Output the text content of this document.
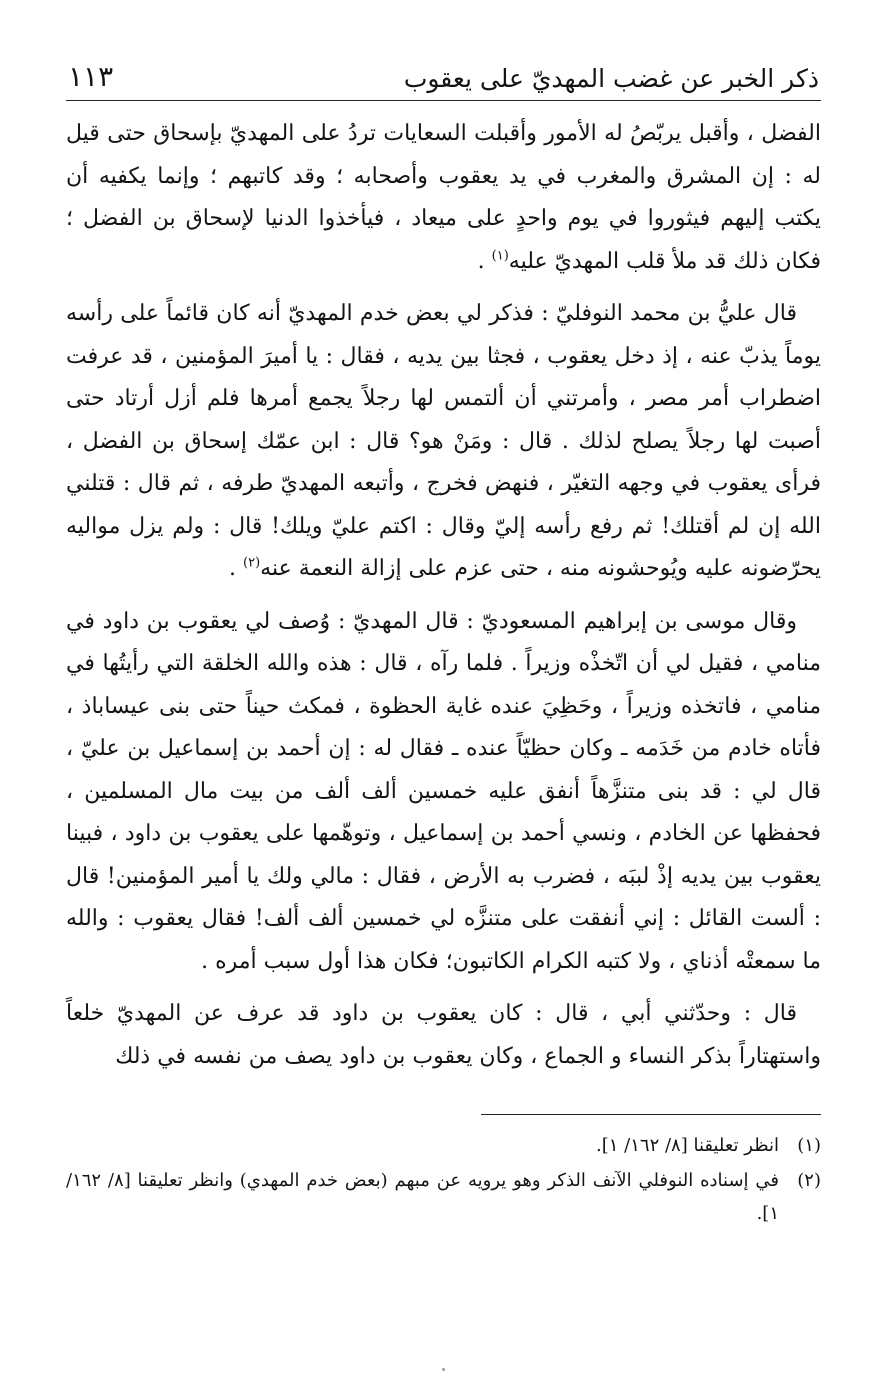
ذكر الخبر عن غضب المهديّ على يعقوب
١١٣

الفضل ، وأقبل يربّصُ له الأمور وأقبلت السعايات تردُ على المهديّ بإسحاق حتى قيل له : إن المشرق والمغرب في يد يعقوب وأصحابه ؛ وقد كاتبهم ؛ وإنما يكفيه أن يكتب إليهم فيثوروا في يوم واحدٍ على ميعاد ، فيأخذوا الدنيا لإسحاق بن الفضل ؛ فكان ذلك قد ملأ قلب المهديّ عليه$^{(١)}$ .

قال عليُّ بن محمد النوفليّ : فذكر لي بعض خدم المهديّ أنه كان قائماً على رأسه يوماً يذبّ عنه ، إذ دخل يعقوب ، فجثا بين يديه ، فقال : يا أميرَ المؤمنين ، قد عرفت اضطراب أمر مصر ، وأمرتني أن ألتمس لها رجلاً يجمع أمرها فلم أزل أرتاد حتى أصبت لها رجلاً يصلح لذلك . قال : ومَنْ هو؟ قال : ابن عمّك إسحاق بن الفضل ، فرأى يعقوب في وجهه التغيّر ، فنهض فخرج ، وأتبعه المهديّ طرفه ، ثم قال : قتلني الله إن لم أقتلك! ثم رفع رأسه إليّ وقال : اكتم عليّ ويلك! قال : ولم يزل مواليه يحرّضونه عليه ويُوحشونه منه ، حتى عزم على إزالة النعمة عنه$^{(٢)}$ .

وقال موسى بن إبراهيم المسعوديّ : قال المهديّ : وُصف لي يعقوب بن داود في منامي ، فقيل لي أن اتّخذْه وزيراً . فلما رآه ، قال : هذه والله الخلقة التي رأيتُها في منامي ، فاتخذه وزيراً ، وحَظِيَ عنده غاية الحظوة ، فمكث حيناً حتى بنى عيساباذ ، فأتاه خادم من خَدَمه ـ وكان حظيّاً عنده ـ فقال له : إن أحمد بن إسماعيل بن عليّ ، قال لي : قد بنى متنزَّهاً أنفق عليه خمسين ألف ألف من بيت مال المسلمين ، فحفظها عن الخادم ، ونسي أحمد بن إسماعيل ، وتوهّمها على يعقوب بن داود ، فبينا يعقوب بين يديه إذْ لببَه ، فضرب به الأرض ، فقال : مالي ولك يا أمير المؤمنين! قال : ألست القائل : إني أنفقت على متنزَّه لي خمسين ألف ألف! فقال يعقوب : والله ما سمعتْه أذناي ، ولا كتبه الكرام الكاتبون؛ فكان هذا أول سبب أمره .

قال : وحدّثني أبي ، قال : كان يعقوب بن داود قد عرف عن المهديّ خلعاً واستهتاراً بذكر النساء و الجماع ، وكان يعقوب بن داود يصف من نفسه في ذلك

(١)
انظر تعليقنا [٨/ ١٦٢/ ١].
(٢)
في إسناده النوفلي الآنف الذكر وهو يرويه عن مبهم (بعض خدم المهدي) وانظر تعليقنا [٨/ ١٦٢/ ١].
